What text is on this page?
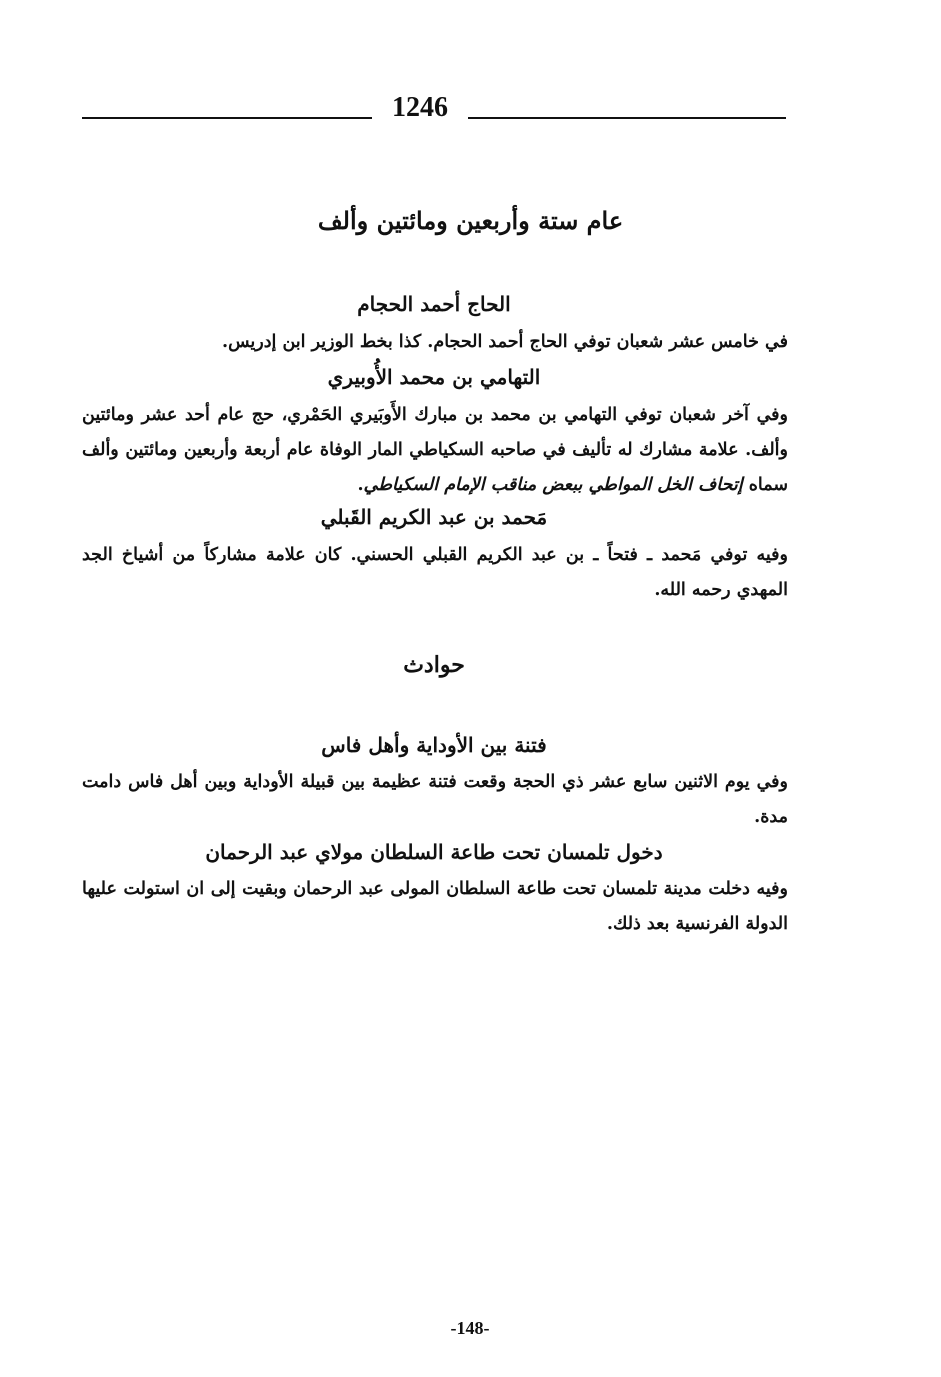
1246
عام ستة وأربعين ومائتين وألف
الحاج أحمد الحجام
في خامس عشر شعبان توفي الحاج أحمد الحجام. كذا بخط الوزير ابن إدريس.
التهامي بن محمد الأُوبيري
وفي آخر شعبان توفي التهامي بن محمد بن مبارك الأَوبَيري الحَمْري، حج عام أحد عشر ومائتين وألف. علامة مشارك له تأليف في صاحبه السكياطي المار الوفاة عام أربعة وأربعين ومائتين وألف سماه إتحاف الخل المواطي ببعض مناقب الإمام السكياطي.
مَحمد بن عبد الكريم القَبلي
وفيه توفي مَحمد ـ فتحاً ـ بن عبد الكريم القبلي الحسني. كان علامة مشاركاً من أشياخ الجد المهدي رحمه الله.
حوادث
فتنة بين الأوداية وأهل فاس
وفي يوم الاثنين سابع عشر ذي الحجة وقعت فتنة عظيمة بين قبيلة الأوداية وبين أهل فاس دامت مدة.
دخول تلمسان تحت طاعة السلطان مولاي عبد الرحمان
وفيه دخلت مدينة تلمسان تحت طاعة السلطان المولى عبد الرحمان وبقيت إلى ان استولت عليها الدولة الفرنسية بعد ذلك.
-148-
